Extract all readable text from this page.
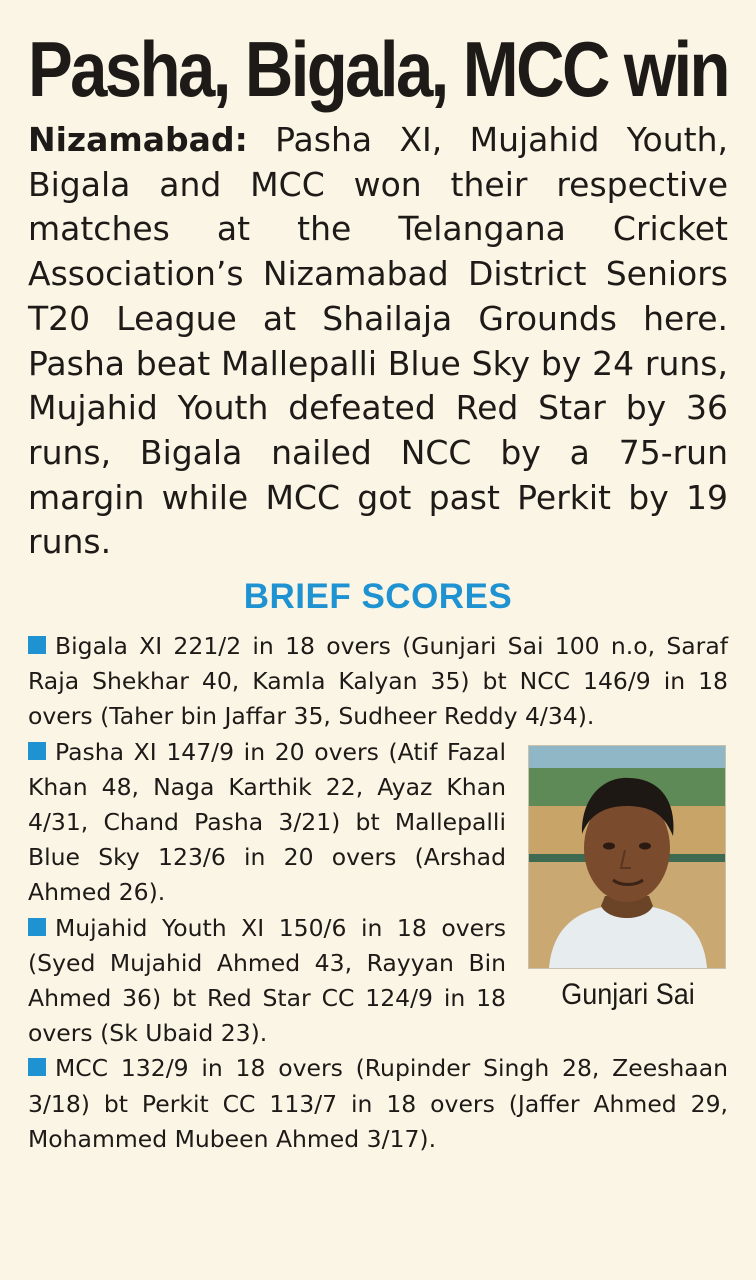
Pasha, Bigala, MCC win

Nizamabad: Pasha XI, Mujahid Youth, Bigala and MCC won their respective matches at the Telangana Cricket Association’s Nizamabad District Seniors T20 League at Shailaja Grounds here. Pasha beat Mallepalli Blue Sky by 24 runs, Mujahid Youth defeated Red Star by 36 runs, Bigala nailed NCC by a 75-run margin while MCC got past Perkit by 19 runs.

BRIEF SCORES

Bigala XI 221/2 in 18 overs (Gunjari Sai 100 n.o, Saraf Raja Shekhar 40, Kamla Kalyan 35) bt NCC 146/9 in 18 overs (Taher bin Jaffar 35, Sudheer Reddy 4/34).

Gunjari Sai

Pasha XI 147/9 in 20 overs (Atif Fazal Khan 48, Naga Karthik 22, Ayaz Khan 4/31, Chand Pasha 3/21) bt Mallepalli Blue Sky 123/6 in 20 overs (Arshad Ahmed 26).

Mujahid Youth XI 150/6 in 18 overs (Syed Mujahid Ahmed 43, Rayyan Bin Ahmed 36) bt Red Star CC 124/9 in 18 overs (Sk Ubaid 23).

MCC 132/9 in 18 overs (Rupinder Singh 28, Zeeshaan 3/18) bt Perkit CC 113/7 in 18 overs (Jaffer Ahmed 29, Mohammed Mubeen Ahmed 3/17).
